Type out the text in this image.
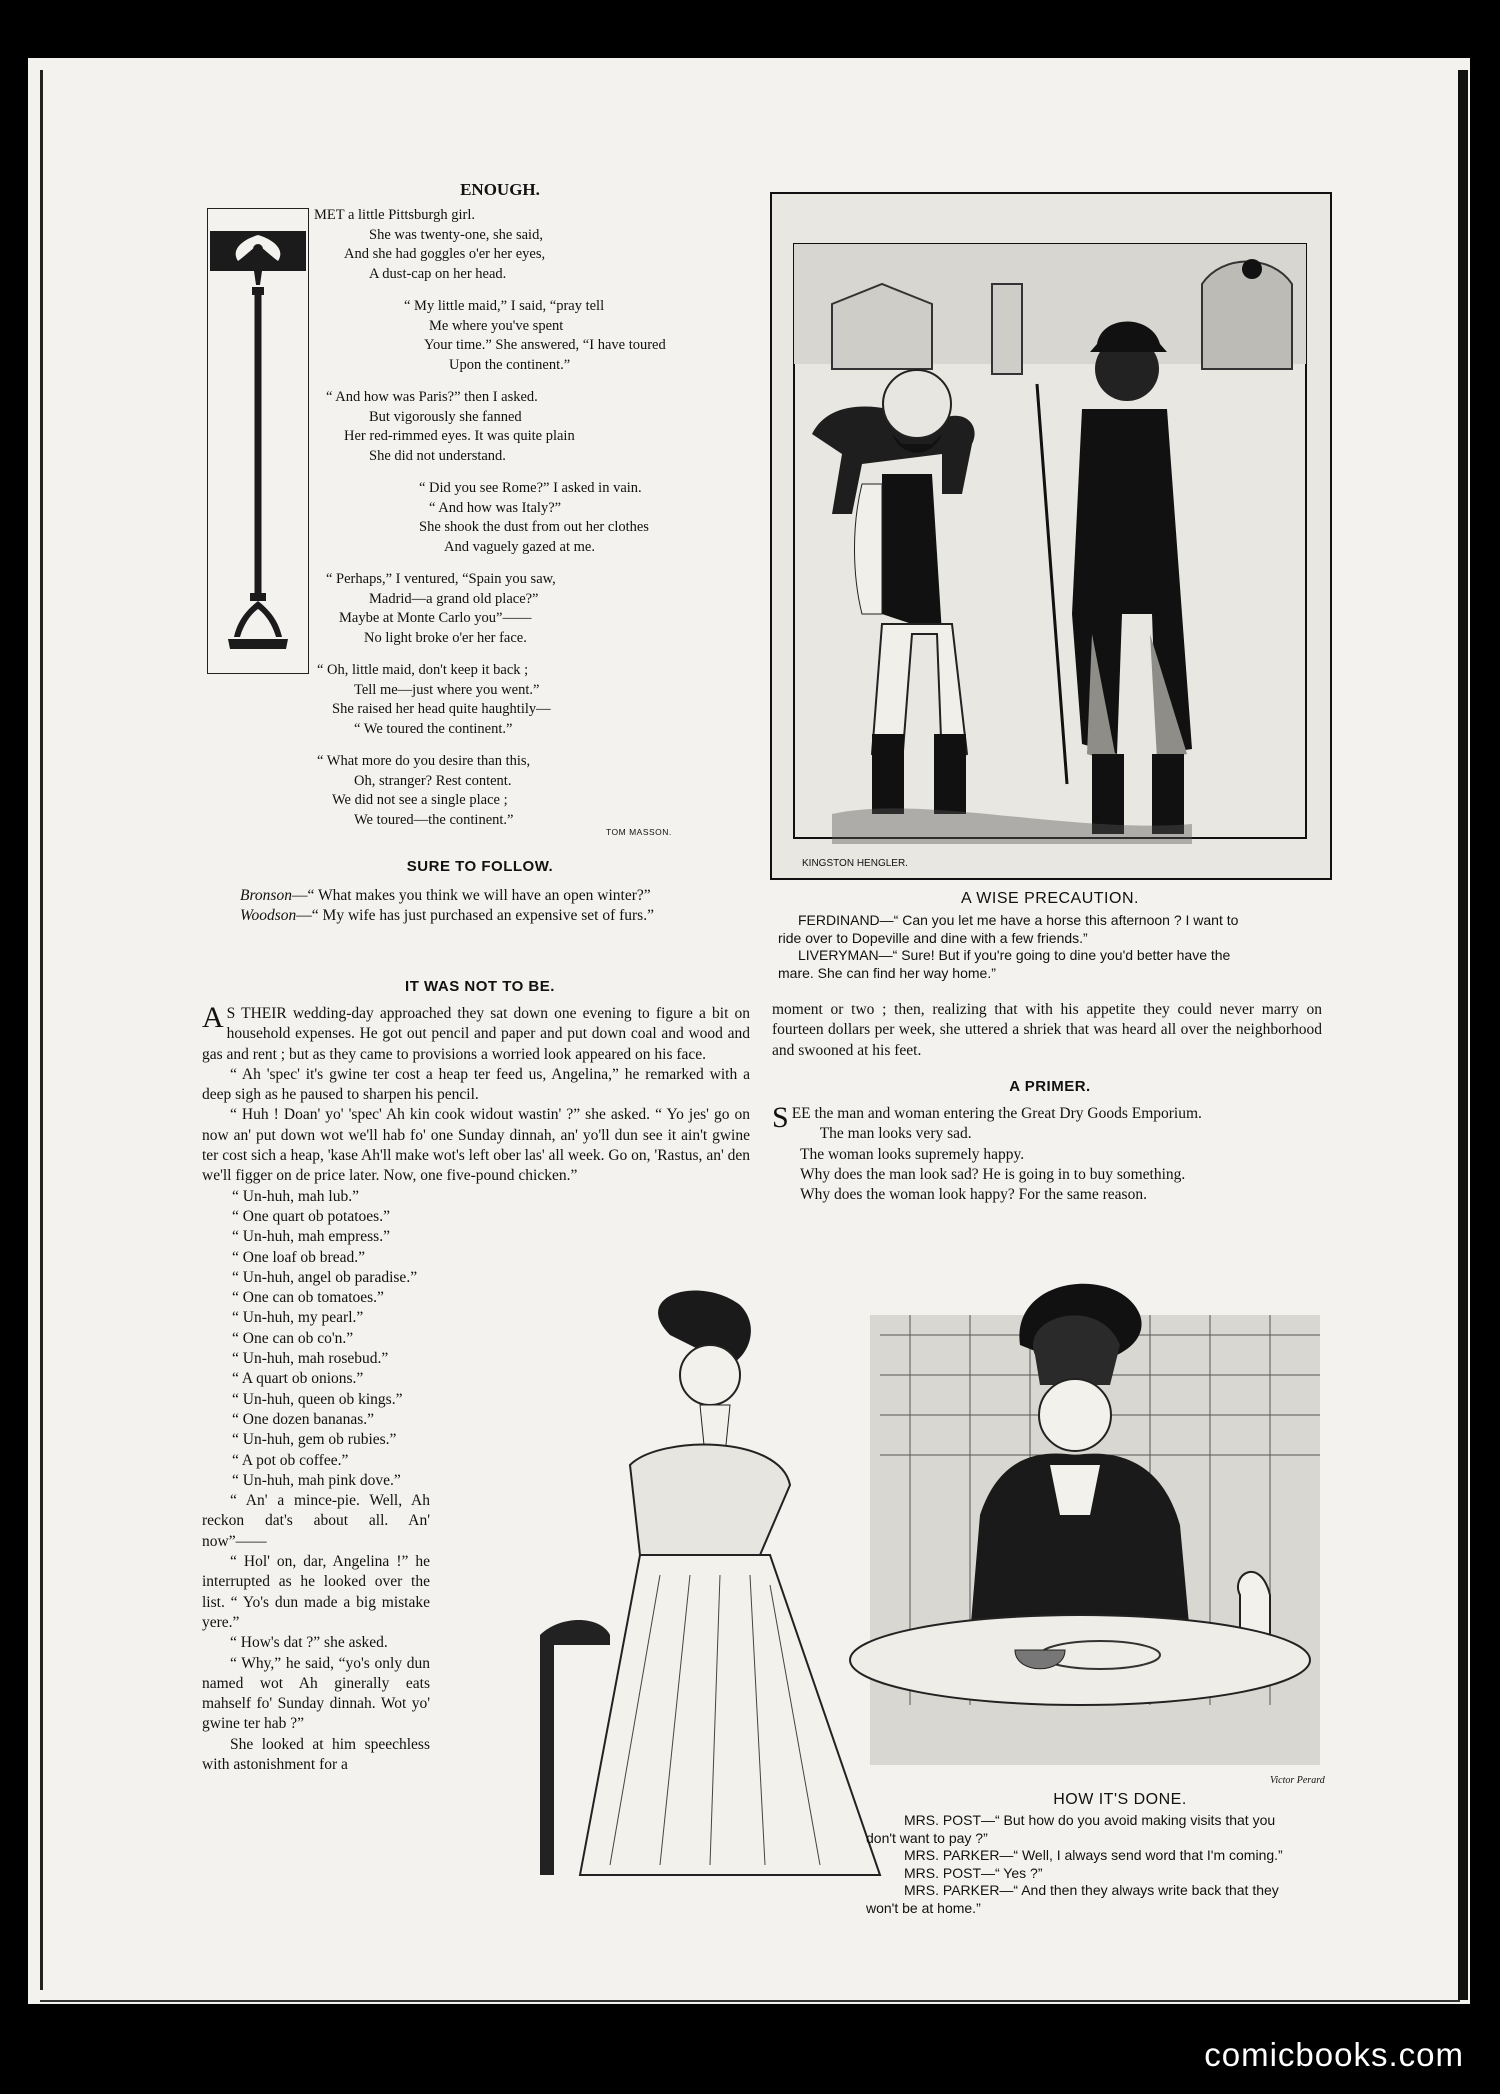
ENOUGH.
MET a little Pittsburgh girl.
She was twenty-one, she said,
And she had goggles o'er her eyes,
A dust-cap on her head.
“ My little maid,” I said, “pray tell
Me where you've spent
Your time.” She answered, “I have toured
Upon the continent.”
“ And how was Paris?” then I asked.
But vigorously she fanned
Her red-rimmed eyes. It was quite plain
She did not understand.
“ Did you see Rome?” I asked in vain.
“ And how was Italy?”
She shook the dust from out her clothes
And vaguely gazed at me.
“ Perhaps,” I ventured, “Spain you saw,
Madrid—a grand old place?”
Maybe at Monte Carlo you”——
No light broke o'er her face.
“ Oh, little maid, don't keep it back ;
Tell me—just where you went.”
She raised her head quite haughtily—
“ We toured the continent.”
“ What more do you desire than this,
Oh, stranger? Rest content.
We did not see a single place ;
We toured—the continent.”
TOM MASSON.
SURE TO FOLLOW.

Bronson—“ What makes you think we will have an open winter?”

Woodson—“ My wife has just purchased an expensive set of furs.”

IT WAS NOT TO BE.

A S THEIR wedding-day approached they sat down one evening to figure a bit on household expenses. He got out pencil and paper and put down coal and wood and gas and rent ; but as they came to provisions a worried look appeared on his face.

“ Ah 'spec' it's gwine ter cost a heap ter feed us, Angelina,” he remarked with a deep sigh as he paused to sharpen his pencil.

“ Huh ! Doan' yo' 'spec' Ah kin cook widout wastin' ?” she asked. “ Yo jes' go on now an' put down wot we'll hab fo' one Sunday dinnah, an' yo'll dun see it ain't gwine ter cost sich a heap, 'kase Ah'll make wot's left ober las' all week. Go on, 'Rastus, an' den we'll figger on de price later. Now, one five-pound chicken.”

“ Un-huh, mah lub.”
“ One quart ob potatoes.”
“ Un-huh, mah empress.”
“ One loaf ob bread.”
“ Un-huh, angel ob paradise.”
“ One can ob tomatoes.”
“ Un-huh, my pearl.”
“ One can ob co'n.”
“ Un-huh, mah rosebud.”
“ A quart ob onions.”
“ Un-huh, queen ob kings.”
“ One dozen bananas.”
“ Un-huh, gem ob rubies.”
“ A pot ob coffee.”
“ Un-huh, mah pink dove.”

“ An' a mince-pie. Well, Ah reckon dat's about all. An' now”——

“ Hol' on, dar, Angelina !” he interrupted as he looked over the list. “ Yo's dun made a big mistake yere.”

“ How's dat ?” she asked.

“ Why,” he said, “yo's only dun named wot Ah ginerally eats mahself fo' Sunday dinnah. Wot yo' gwine ter hab ?”

She looked at him speechless with astonishment for a

moment or two ; then, realizing that with his appetite they could never marry on fourteen dollars per week, she uttered a shriek that was heard all over the neighborhood and swooned at his feet.
KINGSTON HENGLER.
A WISE PRECAUTION.
FERDINAND—“ Can you let me have a horse this afternoon ? I want to
ride over to Dopeville and dine with a few friends.”
LIVERYMAN—“ Sure! But if you're going to dine you'd better have the
mare. She can find her way home.”
A PRIMER.

SEE the man and woman entering the Great Dry Goods Emporium.

The man looks very sad.

The woman looks supremely happy.

Why does the man look sad? He is going in to buy something.

Why does the woman look happy? For the same reason.

Victor Perard
HOW IT'S DONE.
MRS. POST—“ But how do you avoid making visits that you
don't want to pay ?”
MRS. PARKER—“ Well, I always send word that I'm coming.”
MRS. POST—“ Yes ?”
MRS. PARKER—“ And then they always write back that they
won't be at home.”
comicbooks.com
